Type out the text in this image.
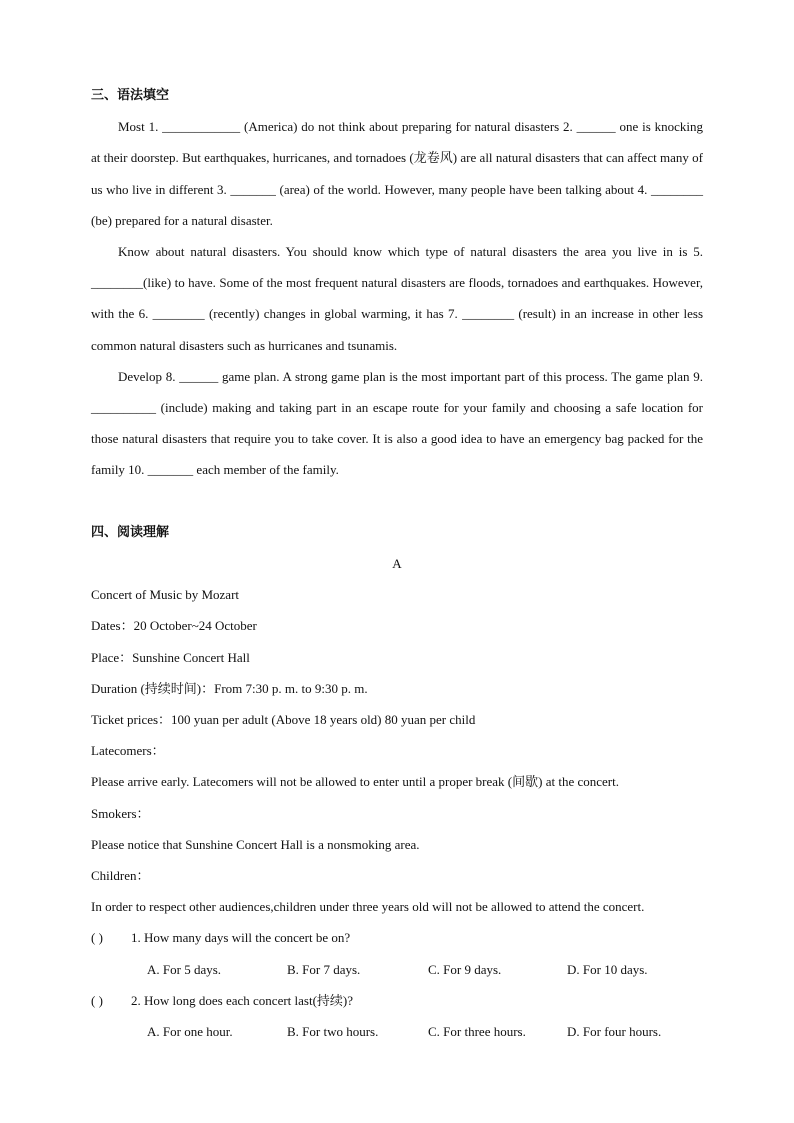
三、语法填空

Most 1. ____________ (America) do not think about preparing for natural disasters 2. ______ one is knocking at their doorstep. But earthquakes, hurricanes, and tornadoes (龙卷风) are all natural disasters that can affect many of us who live in different 3. _______ (area) of the world. However, many people have been talking about 4. ________ (be) prepared for a natural disaster.

Know about natural disasters. You should know which type of natural disasters the area you live in is 5. ________(like) to have. Some of the most frequent natural disasters are floods, tornadoes and earthquakes. However, with the 6. ________ (recently) changes in global warming, it has 7. ________ (result) in an increase in other less common natural disasters such as hurricanes and tsunamis.

Develop 8. ______ game plan. A strong game plan is the most important part of this process. The game plan 9. __________ (include) making and taking part in an escape route for your family and choosing a safe location for those natural disasters that require you to take cover. It is also a good idea to have an emergency bag packed for the family 10. _______ each member of the family.

四、阅读理解
A

Concert of Music by Mozart

Dates：20 October~24 October

Place：Sunshine Concert Hall

Duration (持续时间)：From 7:30 p. m. to 9:30 p. m.

Ticket prices：100 yuan per adult (Above 18 years old) 80 yuan per child

Latecomers：

Please arrive early. Latecomers will not be allowed to enter until a proper break (间歇) at the concert.

Smokers：

Please notice that Sunshine Concert Hall is a nonsmoking area.

Children：

In order to respect other audiences,children under three years old will not be allowed to attend the concert.

( ) 1. How many days will the concert be on?
A. For 5 days.	B. For 7 days.	C. For 9 days.	D. For 10 days.
( ) 2. How long does each concert last(持续)?
A. For one hour.	B. For two hours.	C. For three hours.	D. For four hours.
